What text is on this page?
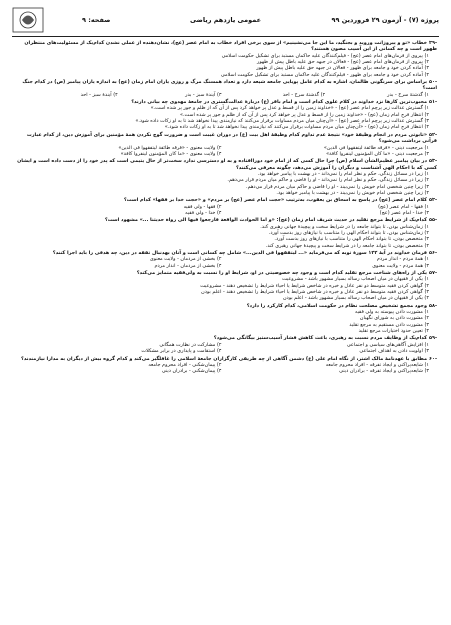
صفحه: ۹	عمومی یازدهم ریاضی	پروژه (۷) - آزمون ۲۹ فروردین ۹۹
-۴۹خطاب «تو و پیروزانت وروید و بجنگید، ما این جا می‌نشینیم» از سوی برخی افراد خطاب به امام عصر (عج)، نشان‌دهنده از عملی نشدن کدام‌یک از مسئولیت‌های منتظران ظهور است و چه کسانی از این آسیب مصون هستند؟
۱) پیروی از فرمان‌های امام عصر (عج) - فیلم‌کنندگان علیه حاکمان مستبد برای تشکیل حکومت اسلامی
۲) پیروی از فرمان‌های امام عصر (عج) - فعالان در جبهه حق علیه باطل پیش از ظهور
۳) آماده کردن خود و جامعه برای ظهور - فعالان در جبهه حق علیه باطل پیش از ظهور
۴) آماده کردن خود و جامعه برای ظهور - فیلم‌کنندگان علیه حاکمان مستبد برای تشکیل حکومت اسلامی
-۵۰براساس برای سرنگونی ظالمان، اشاره به کدام عامل پویایی جامعه شیعه دارد و تعداد همسنگ مرگ و روزی یاران امام زمان (عج) به اندازه یاران پیامبر (ص) در کدام جنگ است؟
۱) گذشتهٔ سرخ - بدر
۲) گذشتهٔ سرخ - احد
۳) آیندهٔ سبز - بدر
۴) آیندهٔ سبز - احد
-۵۱محبوب‌ترین کارها نزد خداوند در کلام علوی کدام است و امام باقر (ع) دربارهٔ عدالت‌گستری در جامعهٔ مهدوی چه بیانی دارند؟
۱) گسترش عدالت زیر پرچم امام عصر (عج) - «خداوند زمین را از قسط و عدل پر خواهد کرد پس از آن که از ظلم و جور پر شده است.»
۲) انتظار فرج امام زمان (عج) - «خداوند زمین را از قسط و عدل پر خواهد کرد پس از آن که از ظلم و جور پر شده است.»
۳) گسترش عدالت زیر پرچم امام عصر (عج) - «آن‌چنان میان مردم مساوات برقرار می‌کنند که نیازمندی پیدا نخواهد شد تا به او زکات داده شود.»
۴) انتظار فرج امام زمان (عج) - «آن‌چنان میان مردم مساوات برقرار می‌کنند که نیازمندی پیدا نخواهد شد تا به او زکات داده شود.»
-۵۲«تابوتی مردم در انجام وظیفهٔ خود» نتیجهٔ عدم تداوم کدام وظیفهٔ اهل بیت (ع) در دوران غیبت است و ضرورت گوچ نکردن همهٔ مؤمنین برای آموزش دین، از کدام عبارت قرآنی برداشت می‌شود؟
۱) مرجعیت دینی - «فرقه طائفة لیتفقهوا فی الدین»
۲) ولایت معنوی - «فرقه طائفة لیتفقهوا فی الدین»
۳) مرجعیت دینی - «ما کان المؤمنون لینفروا کافة»
۴) ولایت معنوی - «ما کان المؤمنون لینفروا کافة»
-۵۳در بیان پیامبر عظیم‌الشأن اسلام (ص) چرا حال کسی که از امام خود دوراافتاده و به او دسترسی ندارد سخت‌تر از حال یتیمی است که پدر خود را از دست داده است و ایشان کسی که با احکام الهی آشناست و دیگران را آموزش می‌دهد، چگونه معرفی می‌کنند؟
۱) زیرا در مسائل زندگی، حکم و نظر امام را نمی‌داند - در بهشت با پیامبر خواهد بود.
۲) زیرا در مسائل زندگی، حکم و نظر امام را نمی‌داند - او را قاضی و حاکم میان مردم قرار می‌دهم.
۳) زیرا چنین شخصی امام خویش را نمی‌بیند - او را قاضی و حاکم میان مردم قرار می‌دهم.
۴) زیرا چنین شخصی امام خویش را نمی‌بیند - در بهشت با پیامبر خواهد بود.
-۵۴کلام امام عصر (عج) در پاسخ به اسحاق بن یعقوب، به‌ترتیب «حجت امام عصر (عج) بر مردم» و «حجت خدا بر فقها» کدام است؟
۱) فقها - امام عصر (عج)
۲) فقها - ولی فقیه
۳) خدا - امام عصر (عج)
۴) خدا - ولی فقیه
-۵۵کدام‌یک از شرایط مرجع تقلید در حدیث شریف امام زمان (عج): «و اما الحوادث الواقعة فارجعوا فیها الی رواة حدیثنا ...» مشهود است؟
۱) زمان‌شناس بودن، تا بتواند جامعه را در شرایط سخت و پیچیدهٔ جهانی رهبری کند.
۲) زمان‌شناس بودن، تا بتواند احکام الهی را متناسب با نیازهای روز بدست آورد.
۳) متخصص بودن، تا بتواند احکام الهی را متناسب با نیازهای روز بدست آورد.
۴) متخصص بودن، تا بتواند جامعه را در شرایط سخت و پیچیدهٔ جهانی رهبری کند.
-۵۶فرمان خداوند در آیهٔ ۱۲۲ سورهٔ توبه که می‌فرماید «... لیتفقهوا فی الدین...» شامل چه کسانی است و آنان بهدنبال تفقه در دین، چه هدفی را باید اجرا کنند؟
۱) همهٔ مردم - انذار مردم
۲) بخشی از مردمان - ولایت معنوی
۳) همهٔ مردم - ولایت معنوی
۴) بخشی از مردمان - انذار مردم
-۵۷یکی از راه‌های شناخت مرجع تقلید کدام است و وجود چه خصوصیتی در او، شرایط او را نسبت به ولی‌فقیه متمایز می‌کند؟
۱) یکی از فقیهان در میان اصحاب رساله بسیار مشهور باشد - مشروعیت
۲) گواهی کردن فقیه متوسط دو نفر عادل و خبره در شاخص شرایط یا احیاء شرایط را تشخیص دهند - مشروعیت
۳) گواهی کردن فقیه متوسط دو نفر عادل و خبره در شاخص شرایط یا احیاء شرایط را تشخیص دهند - اعلم بودن
۴) یکی از فقیهان در میان اصحاب رساله بسیار مشهور باشد - اعلم بودن
-۵۸وجود مجمع تشخیص مصلحت نظام در حکومت اسلامی، کدام کارکرد را دارد؟
۱) مشورت دادن پیوسته به ولی فقیه
۲) مشورت دادن به شورای نگهبان
۳) مشورت دادن مستقیم به مرجع تقلید
۴) تعیین حدود اختیارات مرجع تقلید
-۵۹کدام‌یک از وظایف مردم نسبت به رهبری، باعث کاهش فشار آسیب‌ستیز بیگانگی می‌شود؟
۱) افزایش آگاهی‌های سیاسی و اجتماعی
۲) مشارکت در نظارت همگانی
۳) اولویت دادن به اهداف اجتماعی
۴) استقامت و پایداری در برابر مشکلات
-۶۰مطابق با عهدنامهٔ مالک اشتر، از نگاه امام علی (ع) دشمن آگاهی از چه طریقی کارگزاران جامعهٔ اسلامی را غافلگیر می‌کند و کدام گروه بیش از دیگران به مدارا نیازمندند؟
۱) شایعه‌پراکنی و ایجاد تفرقه - افراد محروم جامعه
۲) پیمان‌شکنی - افراد محروم جامعه
۳) شایعه‌پراکنی و ایجاد تفرقه - برادران دینی
۴) پیمان‌شکنی - برادران دینی
